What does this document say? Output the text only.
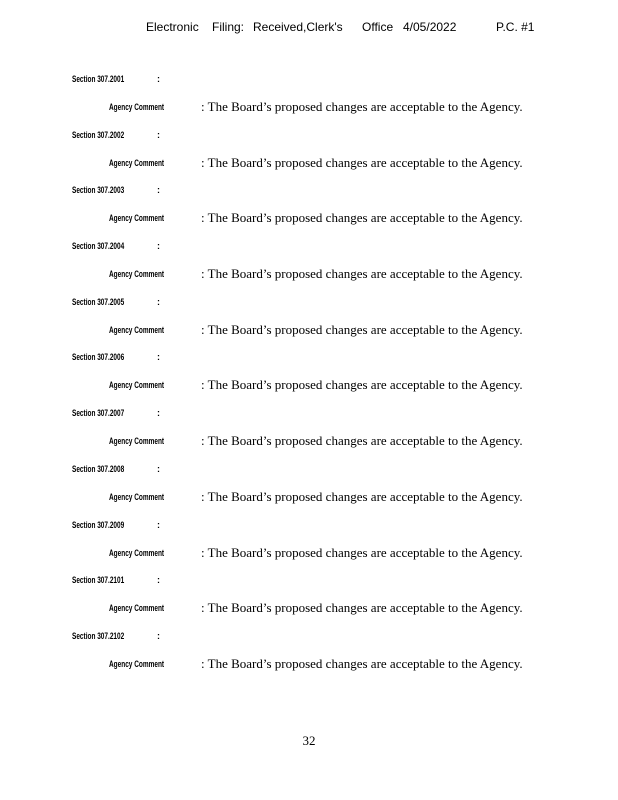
Electronic Filing: Received,Clerk's Office 4/05/2022	P.C. #1
Section 307.2001	:
Agency Comment	: The Board’s proposed changes are acceptable to the Agency.
Section 307.2002	:
Agency Comment	: The Board’s proposed changes are acceptable to the Agency.
Section 307.2003	:
Agency Comment	: The Board’s proposed changes are acceptable to the Agency.
Section 307.2004	:
Agency Comment	: The Board’s proposed changes are acceptable to the Agency.
Section 307.2005	:
Agency Comment	: The Board’s proposed changes are acceptable to the Agency.
Section 307.2006	:
Agency Comment	: The Board’s proposed changes are acceptable to the Agency.
Section 307.2007	:
Agency Comment	: The Board’s proposed changes are acceptable to the Agency.
Section 307.2008	:
Agency Comment	: The Board’s proposed changes are acceptable to the Agency.
Section 307.2009	:
Agency Comment	: The Board’s proposed changes are acceptable to the Agency.
Section 307.2101	:
Agency Comment	: The Board’s proposed changes are acceptable to the Agency.
Section 307.2102	:
Agency Comment	: The Board’s proposed changes are acceptable to the Agency.
32
